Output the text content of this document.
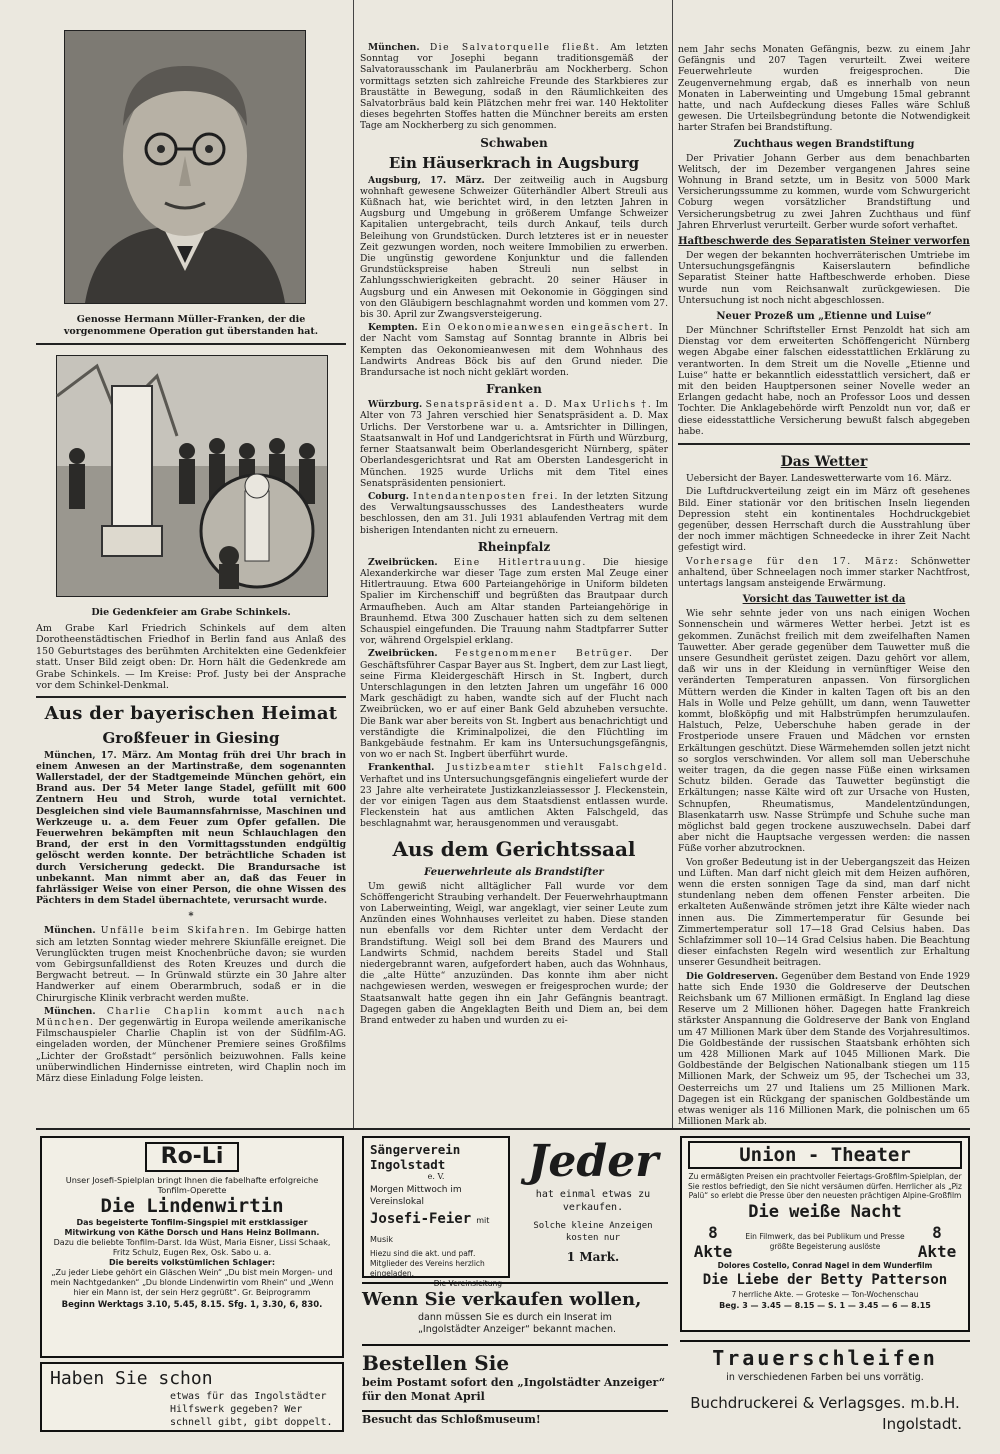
Genosse Hermann Müller-Franken, der die vorgenommene Operation gut überstanden hat.
Die Gedenkfeier am Grabe Schinkels.
Am Grabe Karl Friedrich Schinkels auf dem alten Dorotheenstädtischen Friedhof in Berlin fand aus Anlaß des 150 Geburtstages des berühmten Architekten eine Gedenkfeier statt. Unser Bild zeigt oben: Dr. Horn hält die Gedenkrede am Grabe Schinkels. — Im Kreise: Prof. Justy bei der Ansprache vor dem Schinkel-Denkmal.
Aus der bayerischen Heimat
Großfeuer in Giesing
München, 17. März. Am Montag früh drei Uhr brach in einem Anwesen an der Martinstraße, dem sogenannten Wallerstadel, der der Stadtgemeinde München gehört, ein Brand aus. Der 54 Meter lange Stadel, gefüllt mit 600 Zentnern Heu und Stroh, wurde total vernichtet. Desgleichen sind viele Baumannsfahrnisse, Maschinen und Werkzeuge u. a. dem Feuer zum Opfer gefallen. Die Feuerwehren bekämpften mit neun Schlauchlagen den Brand, der erst in den Vormittagsstunden endgültig gelöscht werden konnte. Der beträchtliche Schaden ist durch Versicherung gedeckt. Die Brandursache ist unbekannt. Man nimmt aber an, daß das Feuer in fahrlässiger Weise von einer Person, die ohne Wissen des Pächters in dem Stadel übernachtete, verursacht wurde.
*
München. Unfälle beim Skifahren. Im Gebirge hatten sich am letzten Sonntag wieder mehrere Skiunfälle ereignet. Die Verunglückten trugen meist Knochenbrüche davon; sie wurden vom Gebirgsunfalldienst des Roten Kreuzes und durch die Bergwacht betreut. — In Grünwald stürzte ein 30 Jahre alter Handwerker auf einem Oberarmbruch, sodaß er in die Chirurgische Klinik verbracht werden mußte.
München. Charlie Chaplin kommt auch nach München. Der gegenwärtig in Europa weilende amerikanische Filmschauspieler Charlie Chaplin ist von der Südfilm-AG. eingeladen worden, der Münchener Premiere seines Großfilms „Lichter der Großstadt“ persönlich beizuwohnen. Falls keine unüberwindlichen Hindernisse eintreten, wird Chaplin noch im März diese Einladung Folge leisten.
München. Die Salvatorquelle fließt. Am letzten Sonntag vor Josephi begann traditionsgemäß der Salvatorausschank im Paulanerbräu am Nockherberg. Schon vormittags setzten sich zahlreiche Freunde des Starkbieres zur Braustätte in Bewegung, sodaß in den Räumlichkeiten des Salvatorbräus bald kein Plätzchen mehr frei war. 140 Hektoliter dieses begehrten Stoffes hatten die Münchner bereits am ersten Tage am Nockherberg zu sich genommen.
Schwaben
Ein Häuserkrach in Augsburg
Augsburg, 17. März. Der zeitweilig auch in Augsburg wohnhaft gewesene Schweizer Güterhändler Albert Streuli aus Küßnach hat, wie berichtet wird, in den letzten Jahren in Augsburg und Umgebung in größerem Umfange Schweizer Kapitalien untergebracht, teils durch Ankauf, teils durch Beleihung von Grundstücken. Durch letzteres ist er in neuester Zeit gezwungen worden, noch weitere Immobilien zu erwerben. Die ungünstig gewordene Konjunktur und die fallenden Grundstückspreise haben Streuli nun selbst in Zahlungsschwierigkeiten gebracht. 20 seiner Häuser in Augsburg und ein Anwesen mit Oekonomie in Göggingen sind von den Gläubigern beschlagnahmt worden und kommen vom 27. bis 30. April zur Zwangsversteigerung.
Kempten. Ein Oekonomieanwesen eingeäschert. In der Nacht vom Samstag auf Sonntag brannte in Albris bei Kempten das Oekonomieanwesen mit dem Wohnhaus des Landwirts Andreas Böck bis auf den Grund nieder. Die Brandursache ist noch nicht geklärt worden.
Franken
Würzburg. Senatspräsident a. D. Max Urlichs †. Im Alter von 73 Jahren verschied hier Senatspräsident a. D. Max Urlichs. Der Verstorbene war u. a. Amtsrichter in Dillingen, Staatsanwalt in Hof und Landgerichtsrat in Fürth und Würzburg, ferner Staatsanwalt beim Oberlandesgericht Nürnberg, später Oberlandesgerichtsrat und Rat am Obersten Landesgericht in München. 1925 wurde Urlichs mit dem Titel eines Senatspräsidenten pensioniert.
Coburg. Intendantenposten frei. In der letzten Sitzung des Verwaltungsausschusses des Landestheaters wurde beschlossen, den am 31. Juli 1931 ablaufenden Vertrag mit dem bisherigen Intendanten nicht zu erneuern.
Rheinpfalz
Zweibrücken. Eine Hitlertrauung. Die hiesige Alexanderkirche war dieser Tage zum ersten Mal Zeuge einer Hitlertrauung. Etwa 600 Parteiangehörige in Uniform bildeten Spalier im Kirchenschiff und begrüßten das Brautpaar durch Armaufheben. Auch am Altar standen Parteiangehörige in Braunhemd. Etwa 300 Zuschauer hatten sich zu dem seltenen Schauspiel eingefunden. Die Trauung nahm Stadtpfarrer Sutter vor, während Orgelspiel erklang.
Zweibrücken. Festgenommener Betrüger. Der Geschäftsführer Caspar Bayer aus St. Ingbert, dem zur Last liegt, seine Firma Kleidergeschäft Hirsch in St. Ingbert, durch Unterschlagungen in den letzten Jahren um ungefähr 16 000 Mark geschädigt zu haben, wandte sich auf der Flucht nach Zweibrücken, wo er auf einer Bank Geld abzuheben versuchte. Die Bank war aber bereits von St. Ingbert aus benachrichtigt und verständigte die Kriminalpolizei, die den Flüchtling im Bankgebäude festnahm. Er kam ins Untersuchungsgefängnis, von wo er nach St. Ingbert überführt wurde.
Frankenthal. Justizbeamter stiehlt Falschgeld. Verhaftet und ins Untersuchungsgefängnis eingeliefert wurde der 23 Jahre alte verheiratete Justizkanzleiassessor J. Fleckenstein, der vor einigen Tagen aus dem Staatsdienst entlassen wurde. Fleckenstein hat aus amtlichen Akten Falschgeld, das beschlagnahmt war, herausgenommen und verausgabt.
Aus dem Gerichtssaal
Feuerwehrleute als Brandstifter
Um gewiß nicht alltäglicher Fall wurde vor dem Schöffengericht Straubing verhandelt. Der Feuerwehrhauptmann von Laberweinting, Weigl, war angeklagt, vier seiner Leute zum Anzünden eines Wohnhauses verleitet zu haben. Diese standen nun ebenfalls vor dem Richter unter dem Verdacht der Brandstiftung. Weigl soll bei dem Brand des Maurers und Landwirts Schmid, nachdem bereits Stadel und Stall niedergebrannt waren, aufgefordert haben, auch das Wohnhaus, die „alte Hütte“ anzuzünden. Das konnte ihm aber nicht nachgewiesen werden, weswegen er freigesprochen wurde; der Staatsanwalt hatte gegen ihn ein Jahr Gefängnis beantragt. Dagegen gaben die Angeklagten Beith und Diem an, bei dem Brand entweder zu haben und wurden zu ei-
nem Jahr sechs Monaten Gefängnis, bezw. zu einem Jahr Gefängnis und 207 Tagen verurteilt. Zwei weitere Feuerwehrleute wurden freigesprochen. Die Zeugenvernehmung ergab, daß es innerhalb von neun Monaten in Laberweinting und Umgebung 15mal gebrannt hatte, und nach Aufdeckung dieses Falles wäre Schluß gewesen. Die Urteilsbegründung betonte die Notwendigkeit harter Strafen bei Brandstiftung.
Zuchthaus wegen Brandstiftung
Der Privatier Johann Gerber aus dem benachbarten Welitsch, der im Dezember vergangenen Jahres seine Wohnung in Brand setzte, um in Besitz von 5000 Mark Versicherungssumme zu kommen, wurde vom Schwurgericht Coburg wegen vorsätzlicher Brandstiftung und Versicherungsbetrug zu zwei Jahren Zuchthaus und fünf Jahren Ehrverlust verurteilt. Gerber wurde sofort verhaftet.
Haftbeschwerde des Separatisten Steiner verworfen
Der wegen der bekannten hochverräterischen Umtriebe im Untersuchungsgefängnis Kaiserslautern befindliche Separatist Steiner hatte Haftbeschwerde erhoben. Diese wurde nun vom Reichsanwalt zurückgewiesen. Die Untersuchung ist noch nicht abgeschlossen.
Neuer Prozeß um „Etienne und Luise“
Der Münchner Schriftsteller Ernst Penzoldt hat sich am Dienstag vor dem erweiterten Schöffengericht Nürnberg wegen Abgabe einer falschen eidesstattlichen Erklärung zu verantworten. In dem Streit um die Novelle „Etienne und Luise“ hatte er bekanntlich eidesstattlich versichert, daß er mit den beiden Hauptpersonen seiner Novelle weder an Erlangen gedacht habe, noch an Professor Loos und dessen Tochter. Die Anklagebehörde wirft Penzoldt nun vor, daß er diese eidesstattliche Versicherung bewußt falsch abgegeben habe.
Das Wetter
Uebersicht der Bayer. Landeswetterwarte vom 16. März.
Die Luftdruckverteilung zeigt ein im März oft gesehenes Bild. Einer stationär vor den britischen Inseln liegenden Depression steht ein kontinentales Hochdruckgebiet gegenüber, dessen Herrschaft durch die Ausstrahlung über der noch immer mächtigen Schneedecke in ihrer Zeit Nacht gefestigt wird.
Vorhersage für den 17. März: Schönwetter anhaltend, über Schneelagen noch immer starker Nachtfrost, untertags langsam ansteigende Erwärmung.
Vorsicht das Tauwetter ist da
Wie sehr sehnte jeder von uns nach einigen Wochen Sonnenschein und wärmeres Wetter herbei. Jetzt ist es gekommen. Zunächst freilich mit dem zweifelhaften Namen Tauwetter. Aber gerade gegenüber dem Tauwetter muß die unsere Gesundheit gerüstet zeigen. Dazu gehört vor allem, daß wir uns in der Kleidung in vernünftiger Weise den veränderten Temperaturen anpassen. Von fürsorglichen Müttern werden die Kinder in kalten Tagen oft bis an den Hals in Wolle und Pelze gehüllt, um dann, wenn Tauwetter kommt, bloßköpfig und mit Halbstrümpfen herumzulaufen. Halstuch, Pelze, Ueberschuhe haben gerade in der Frostperiode unsere Frauen und Mädchen vor ernsten Erkältungen geschützt. Diese Wärmehemden sollen jetzt nicht so sorglos verschwinden. Vor allem soll man Ueberschuhe weiter tragen, da die gegen nasse Füße einen wirksamen Schutz bilden. Gerade das Tauwetter begünstigt die Erkältungen; nasse Kälte wird oft zur Ursache von Husten, Schnupfen, Rheumatismus, Mandelentzündungen, Blasenkatarrh usw. Nasse Strümpfe und Schuhe suche man möglichst bald gegen trockene auszuwechseln. Dabei darf aber nicht die Hauptsache vergessen werden: die nassen Füße vorher abzutrocknen.
Von großer Bedeutung ist in der Uebergangszeit das Heizen und Lüften. Man darf nicht gleich mit dem Heizen aufhören, wenn die ersten sonnigen Tage da sind, man darf nicht stundenlang neben dem offenen Fenster arbeiten. Die erkalteten Außenwände strömen jetzt ihre Kälte wieder nach innen aus. Die Zimmertemperatur für Gesunde bei Zimmertemperatur soll 17—18 Grad Celsius haben. Das Schlafzimmer soll 10—14 Grad Celsius haben. Die Beachtung dieser einfachsten Regeln wird wesentlich zur Erhaltung unserer Gesundheit beitragen.
Die Goldreserven. Gegenüber dem Bestand von Ende 1929 hatte sich Ende 1930 die Goldreserve der Deutschen Reichsbank um 67 Millionen ermäßigt. In England lag diese Reserve um 2 Millionen höher. Dagegen hatte Frankreich stärkster Anspannung die Goldreserve der Bank von England um 47 Millionen Mark über dem Stande des Vorjahresultimos. Die Goldbestände der russischen Staatsbank erhöhten sich um 428 Millionen Mark auf 1045 Millionen Mark. Die Goldbestände der Belgischen Nationalbank stiegen um 115 Millionen Mark, der Schweiz um 95, der Tschechei um 33, Oesterreichs um 27 und Italiens um 25 Millionen Mark. Dagegen ist ein Rückgang der spanischen Goldbestände um etwas weniger als 116 Millionen Mark, die polnischen um 65 Millionen Mark ab.
Ro-Li
Unser Josefi-Spielplan bringt Ihnen die fabelhafte erfolgreiche Tonfilm-Operette
Die Lindenwirtin
Das begeisterte Tonfilm-Singspiel mit erstklassiger Mitwirkung von Käthe Dorsch und Hans Heinz Bollmann.
Dazu die beliebte Tonfilm-Darst. Ida Wüst, Maria Eisner, Lissi Schaak, Fritz Schulz, Eugen Rex, Osk. Sabo u. a.
Die bereits volkstümlichen Schlager:
„Zu jeder Liebe gehört ein Gläschen Wein“ „Du bist mein Morgen- und mein Nachtgedanken“ „Du blonde Lindenwirtin vom Rhein“ und „Wenn hier ein Mann ist, der sein Herz gegrüßt“. Gr. Beiprogramm
Beginn Werktags 3.10, 5.45, 8.15. Sfg. 1, 3.30, 6, 830.
Haben Sie schon
etwas für das Ingolstädter Hilfswerk gegeben? Wer schnell gibt, gibt doppelt.
Sängerverein Ingolstadt
e. V.
Morgen Mittwoch im Vereinslokal
Josefi-Feier mit Musik
Hiezu sind die akt. und paff. Mitglieder des Vereins herzlich eingeladen.
Die Vereinsleitung
Jeder
hat einmal etwas zu verkaufen.
Solche kleine Anzeigen kosten nur
1 Mark.
Wenn Sie verkaufen wollen,
dann müssen Sie es durch ein Inserat im „Ingolstädter Anzeiger“ bekannt machen.
Bestellen Sie
beim Postamt sofort den „Ingolstädter Anzeiger“ für den Monat April
Besucht das Schloßmuseum!
Union - Theater
Zu ermäßigten Preisen ein prachtvoller Feiertags-Großfilm-Spielplan, der Sie restlos befriedigt, den Sie nicht versäumen dürfen. Herrlicher als „Piz Palü“ so erlebt die Presse über den neuesten prächtigen Alpine-Großfilm
Die weiße Nacht
8 Akte
Ein Filmwerk, das bei Publikum und Presse größte Begeisterung auslöste
8 Akte
Dolores Costello, Conrad Nagel in dem Wunderfilm
Die Liebe der Betty Patterson
7 herrliche Akte. — Groteske — Ton-Wochenschau
Beg. 3 — 3.45 — 8.15 — S. 1 — 3.45 — 6 — 8.15
Trauerschleifen
in verschiedenen Farben bei uns vorrätig.
Buchdruckerei & Verlagsges. m.b.H.
Ingolstadt.
